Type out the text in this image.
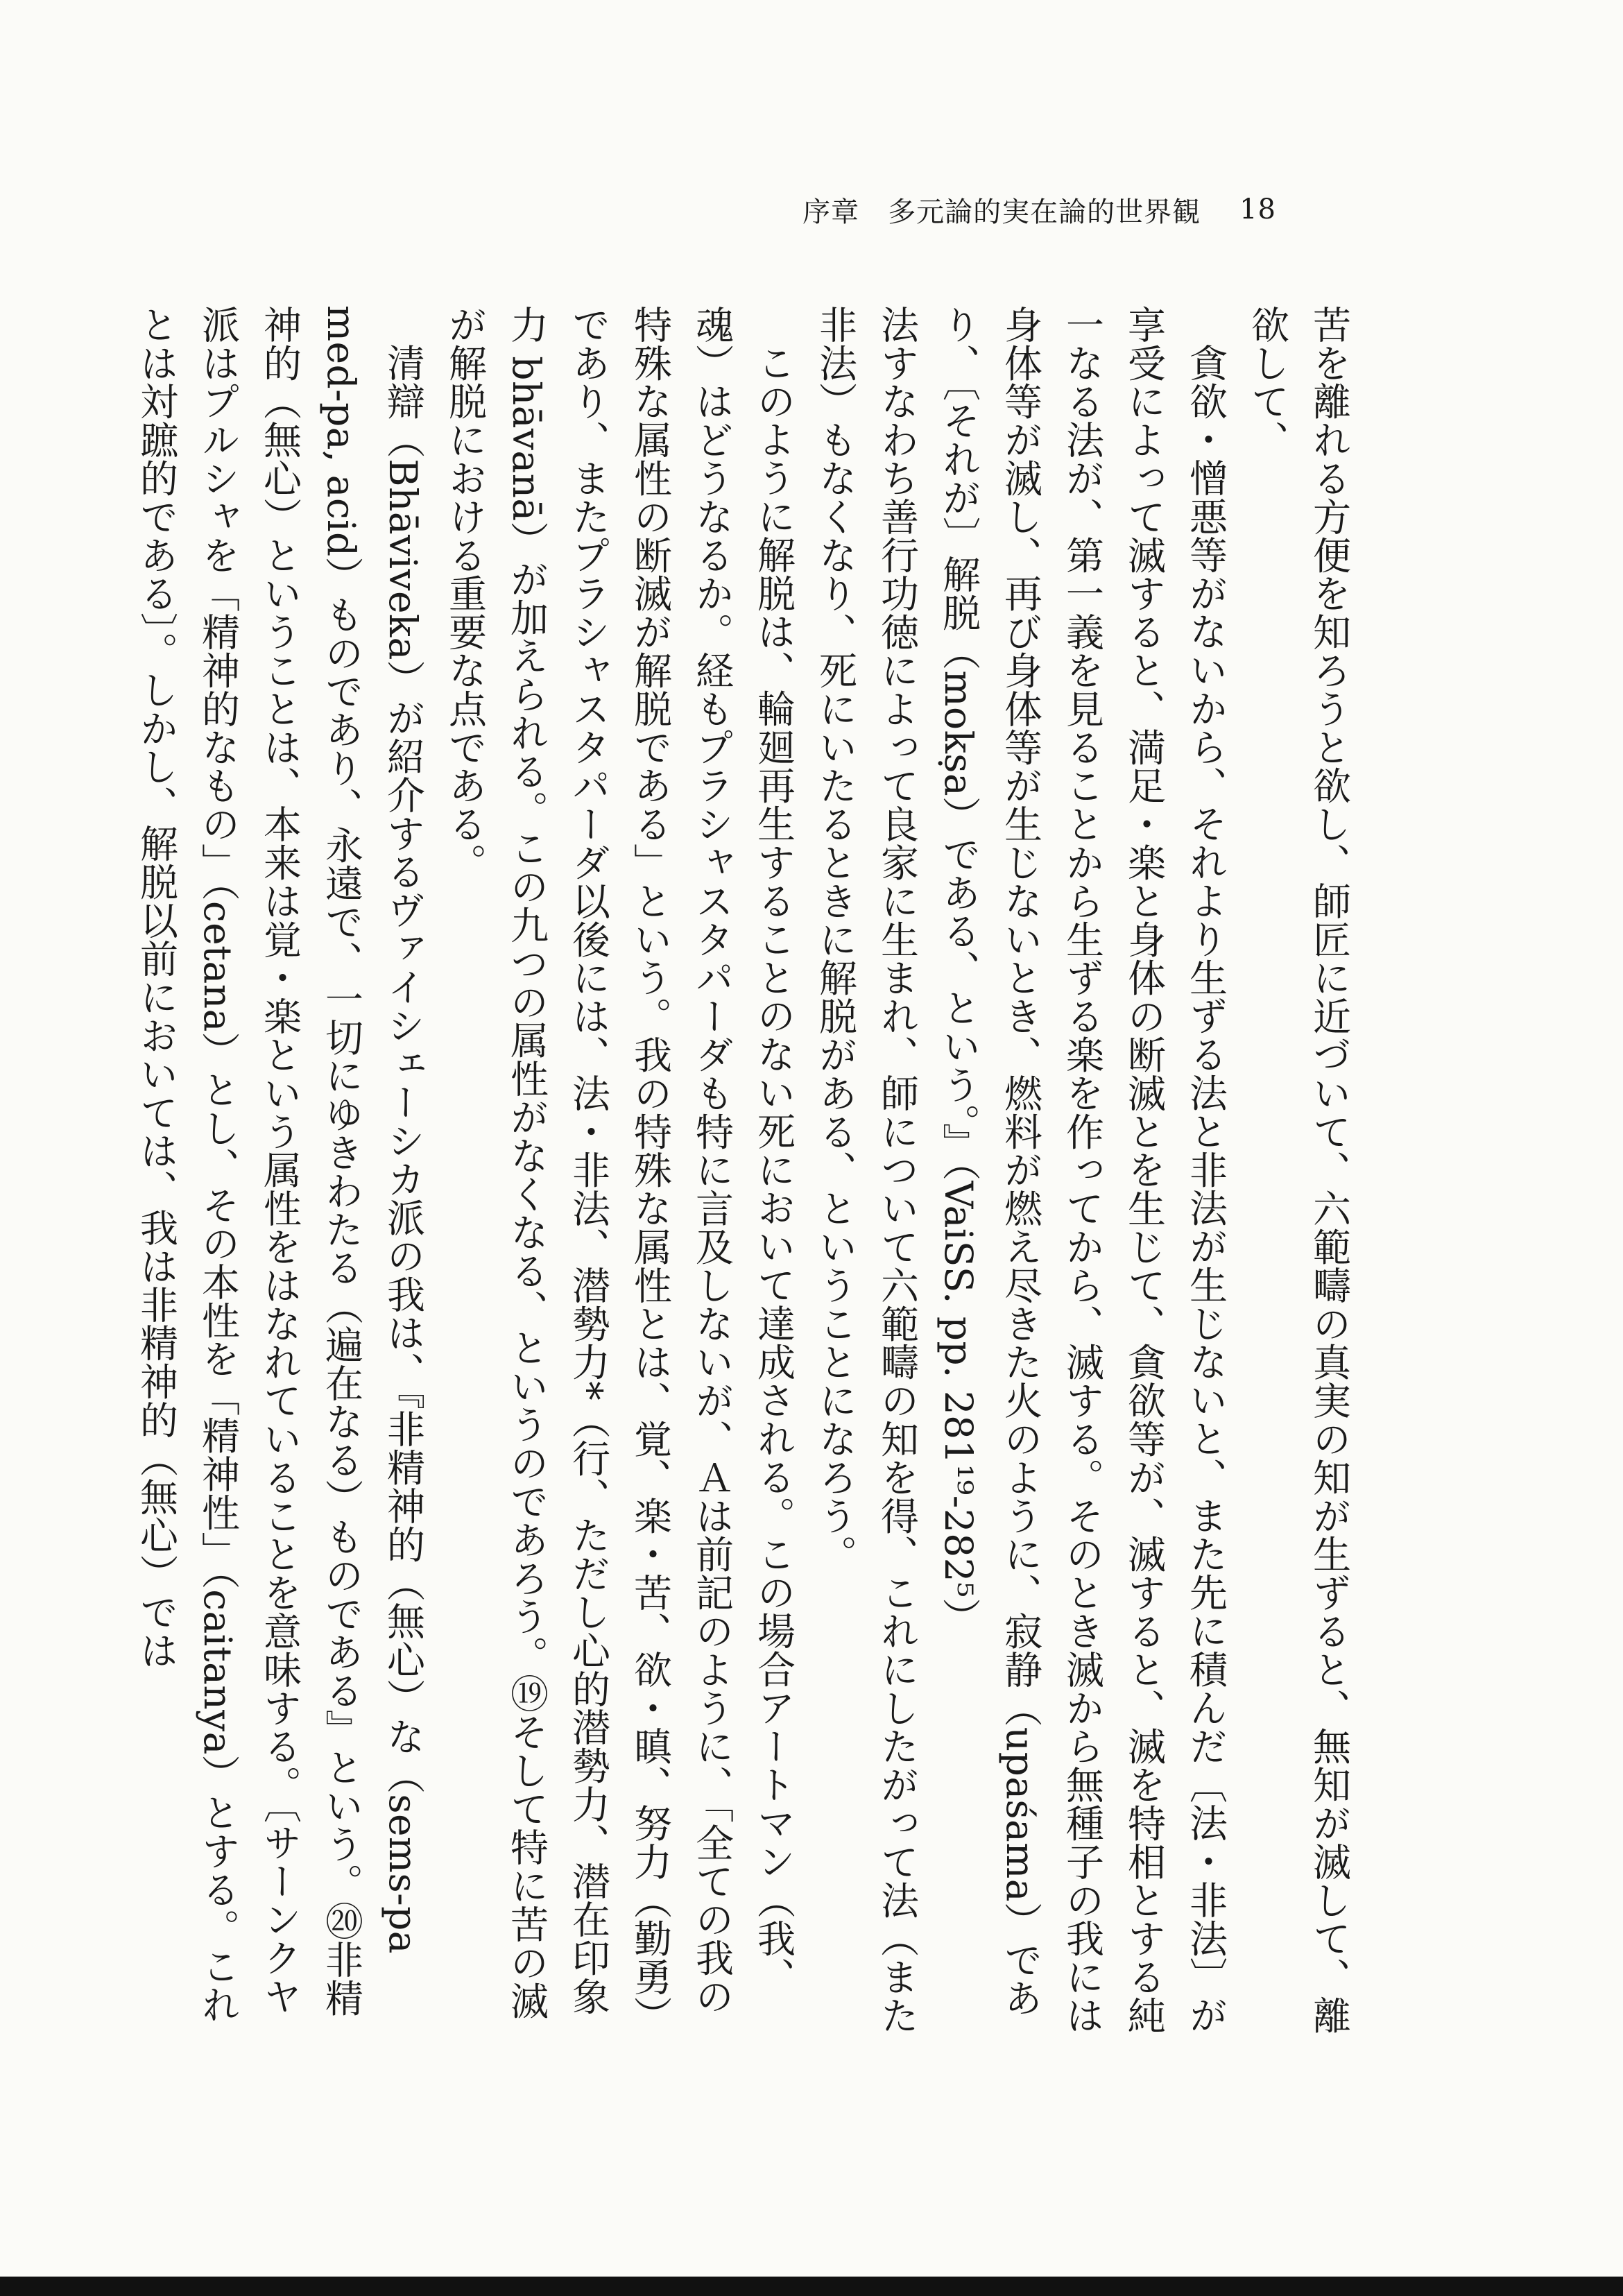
序章　多元論的実在論的世界観 18

苦を離れる方便を知ろうと欲し、師匠に近づいて、六範疇の真実の知が生ずると、無知が滅して、離欲して、

貪欲・憎悪等がないから、それより生ずる法と非法が生じないと、また先に積んだ〔法・非法〕が享受によって滅すると、満足・楽と身体の断滅とを生じて、貪欲等が、滅すると、滅を特相とする純一なる法が、第一義を見ることから生ずる楽を作ってから、滅する。そのとき滅から無種子の我には身体等が滅し、再び身体等が生じないとき、燃料が燃え尽きた火のように、寂静（upaśama）であり、〔それが〕解脱（mokṣa）である、という。』（VaiSS. pp. 281¹⁹-282⁵）

法すなわち善行功徳によって良家に生まれ、師について六範疇の知を得、これにしたがって法（また非法）もなくなり、死にいたるときに解脱がある、ということになろう。

このように解脱は、輪廻再生することのない死において達成される。この場合アートマン（我、魂）はどうなるか。経もプラシャスタパーダも特に言及しないが、Ａは前記のように、「全ての我の特殊な属性の断滅が解脱である」という。我の特殊な属性とは、覚、楽・苦、欲・瞋、努力（勤勇）であり、またプラシャスタパーダ以後には、法・非法、潜勢力*（行、ただし心的潜勢力、潜在印象力 bhāvanā）が加えられる。この九つの属性がなくなる、というのであろう。⑲そして特に苦の滅が解脱における重要な点である。

清辯（Bhāviveka）が紹介するヴァイシェーシカ派の我は、『非精神的（無心）な（sems-pa med-pa, acid）ものであり、永遠で、一切にゆきわたる（遍在なる）ものである』という。⑳非精神的（無心）ということは、本来は覚・楽という属性をはなれていることを意味する。〔サーンクヤ派はプルシャを「精神的なもの」（cetana）とし、その本性を「精神性」（caitanya）とする。これとは対蹠的である〕。しかし、解脱以前においては、我は非精神的（無心）では
